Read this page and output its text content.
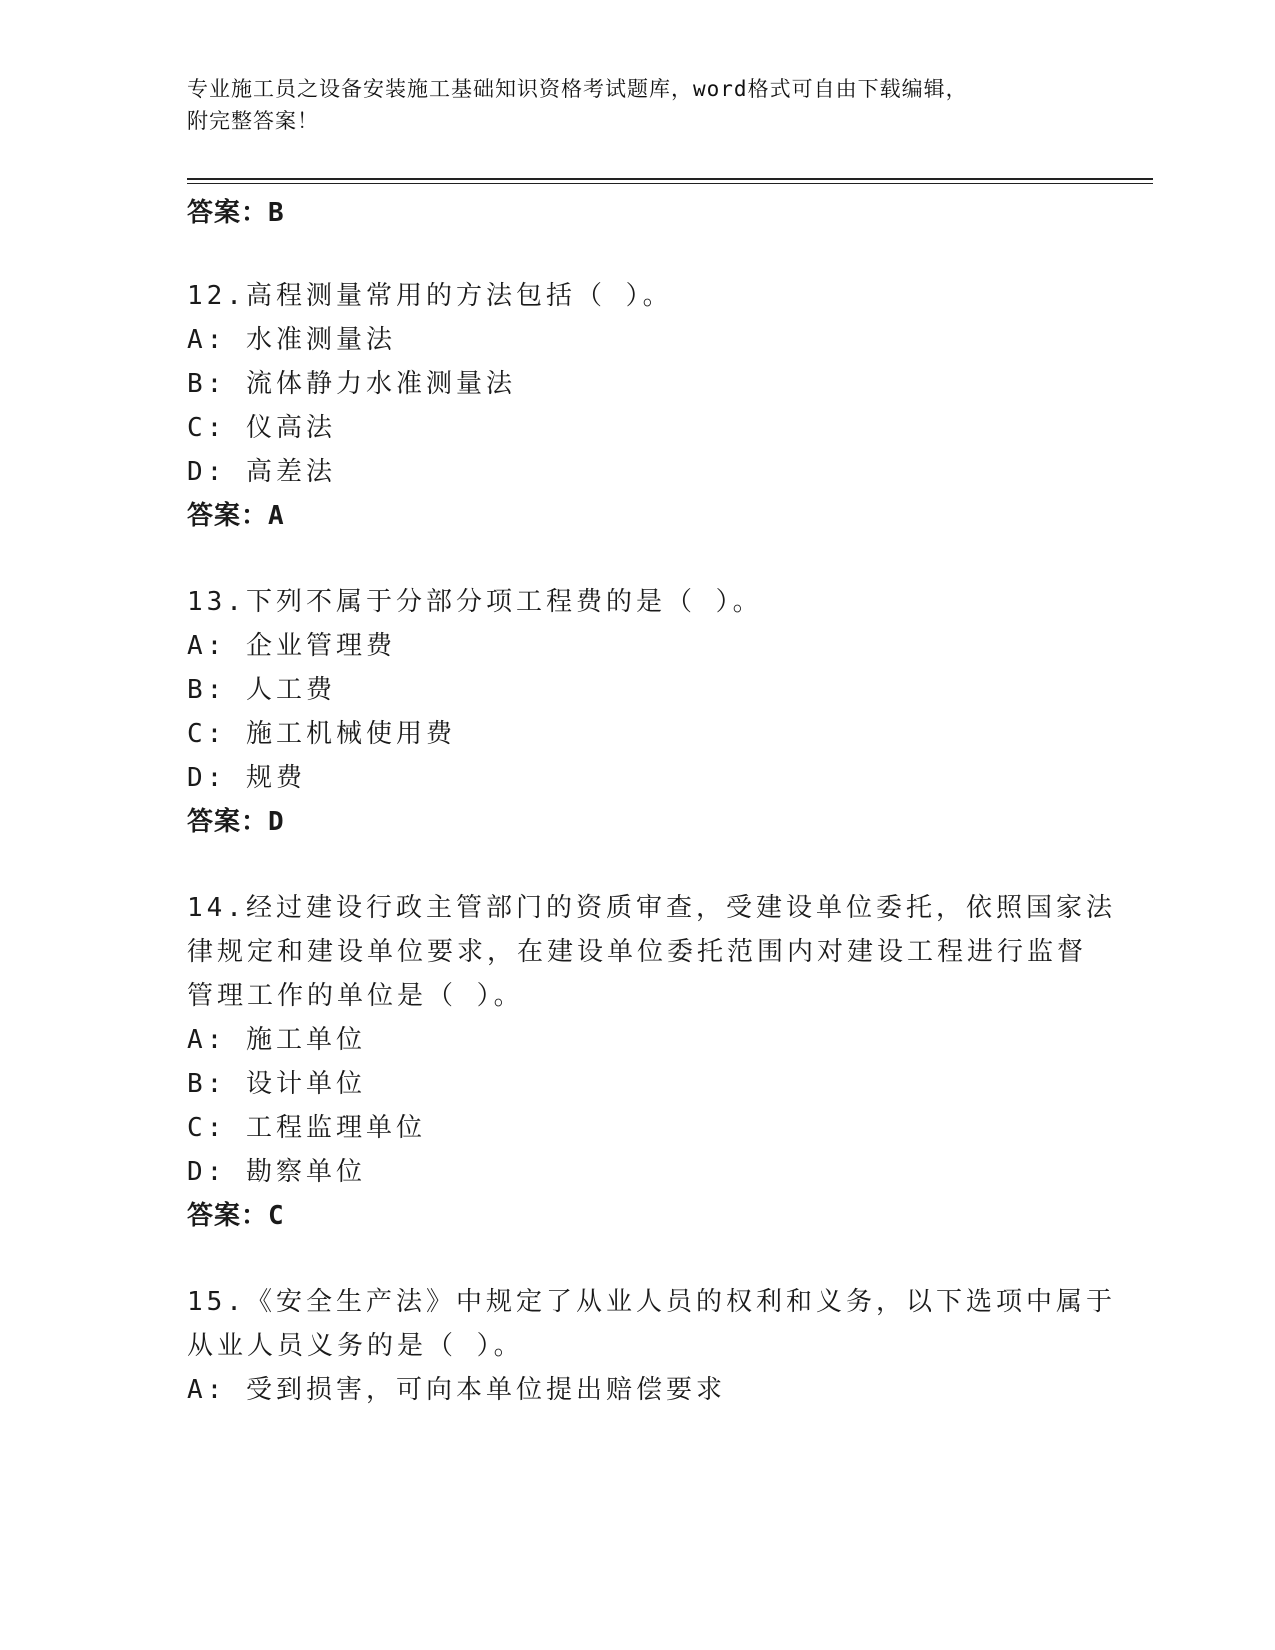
专业施工员之设备安装施工基础知识资格考试题库，word格式可自由下载编辑，
附完整答案！
答案：B
12.高程测量常用的方法包括（ ）。
A: 水准测量法
B: 流体静力水准测量法
C: 仪高法
D: 高差法
答案：A
13.下列不属于分部分项工程费的是（ ）。
A: 企业管理费
B: 人工费
C: 施工机械使用费
D: 规费
答案：D
14.经过建设行政主管部门的资质审查，受建设单位委托，依照国家法
律规定和建设单位要求，在建设单位委托范围内对建设工程进行监督
管理工作的单位是（ ）。
A: 施工单位
B: 设计单位
C: 工程监理单位
D: 勘察单位
答案：C
15.《安全生产法》中规定了从业人员的权利和义务，以下选项中属于
从业人员义务的是（ ）。
A: 受到损害，可向本单位提出赔偿要求
